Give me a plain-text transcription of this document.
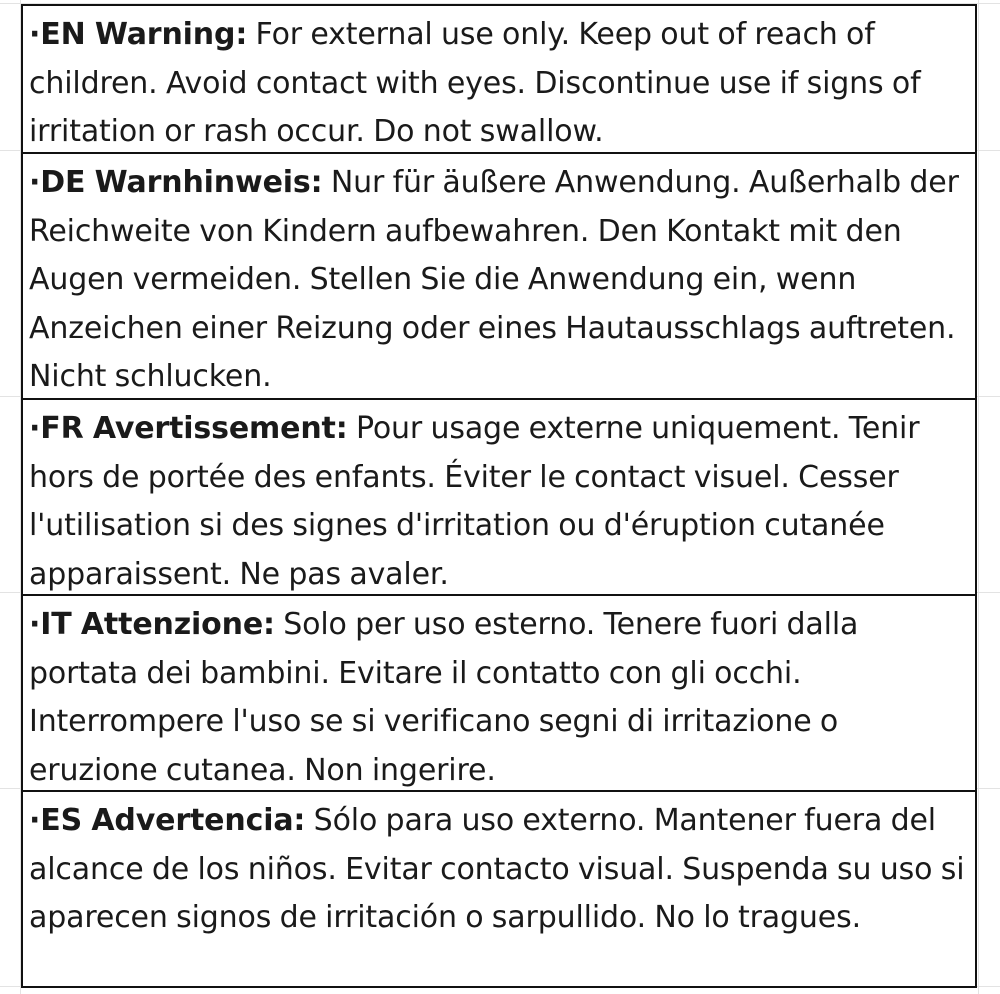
·EN Warning: For external use only. Keep out of reach of children. Avoid contact with eyes. Discontinue use if signs of irritation or rash occur. Do not swallow.

·DE Warnhinweis: Nur für äußere Anwendung. Außerhalb der Reichweite von Kindern aufbewahren. Den Kontakt mit den Augen vermeiden. Stellen Sie die Anwendung ein, wenn Anzeichen einer Reizung oder eines Hautausschlags auftreten. Nicht schlucken.

·FR Avertissement: Pour usage externe uniquement. Tenir hors de portée des enfants. Éviter le contact visuel. Cesser l'utilisation si des signes d'irritation ou d'éruption cutanée apparaissent. Ne pas avaler.

·IT Attenzione: Solo per uso esterno. Tenere fuori dalla portata dei bambini. Evitare il contatto con gli occhi. Interrompere l'uso se si verificano segni di irritazione o eruzione cutanea. Non ingerire.

·ES Advertencia: Sólo para uso externo. Mantener fuera del alcance de los niños. Evitar contacto visual. Suspenda su uso si aparecen signos de irritación o sarpullido. No lo tragues.
